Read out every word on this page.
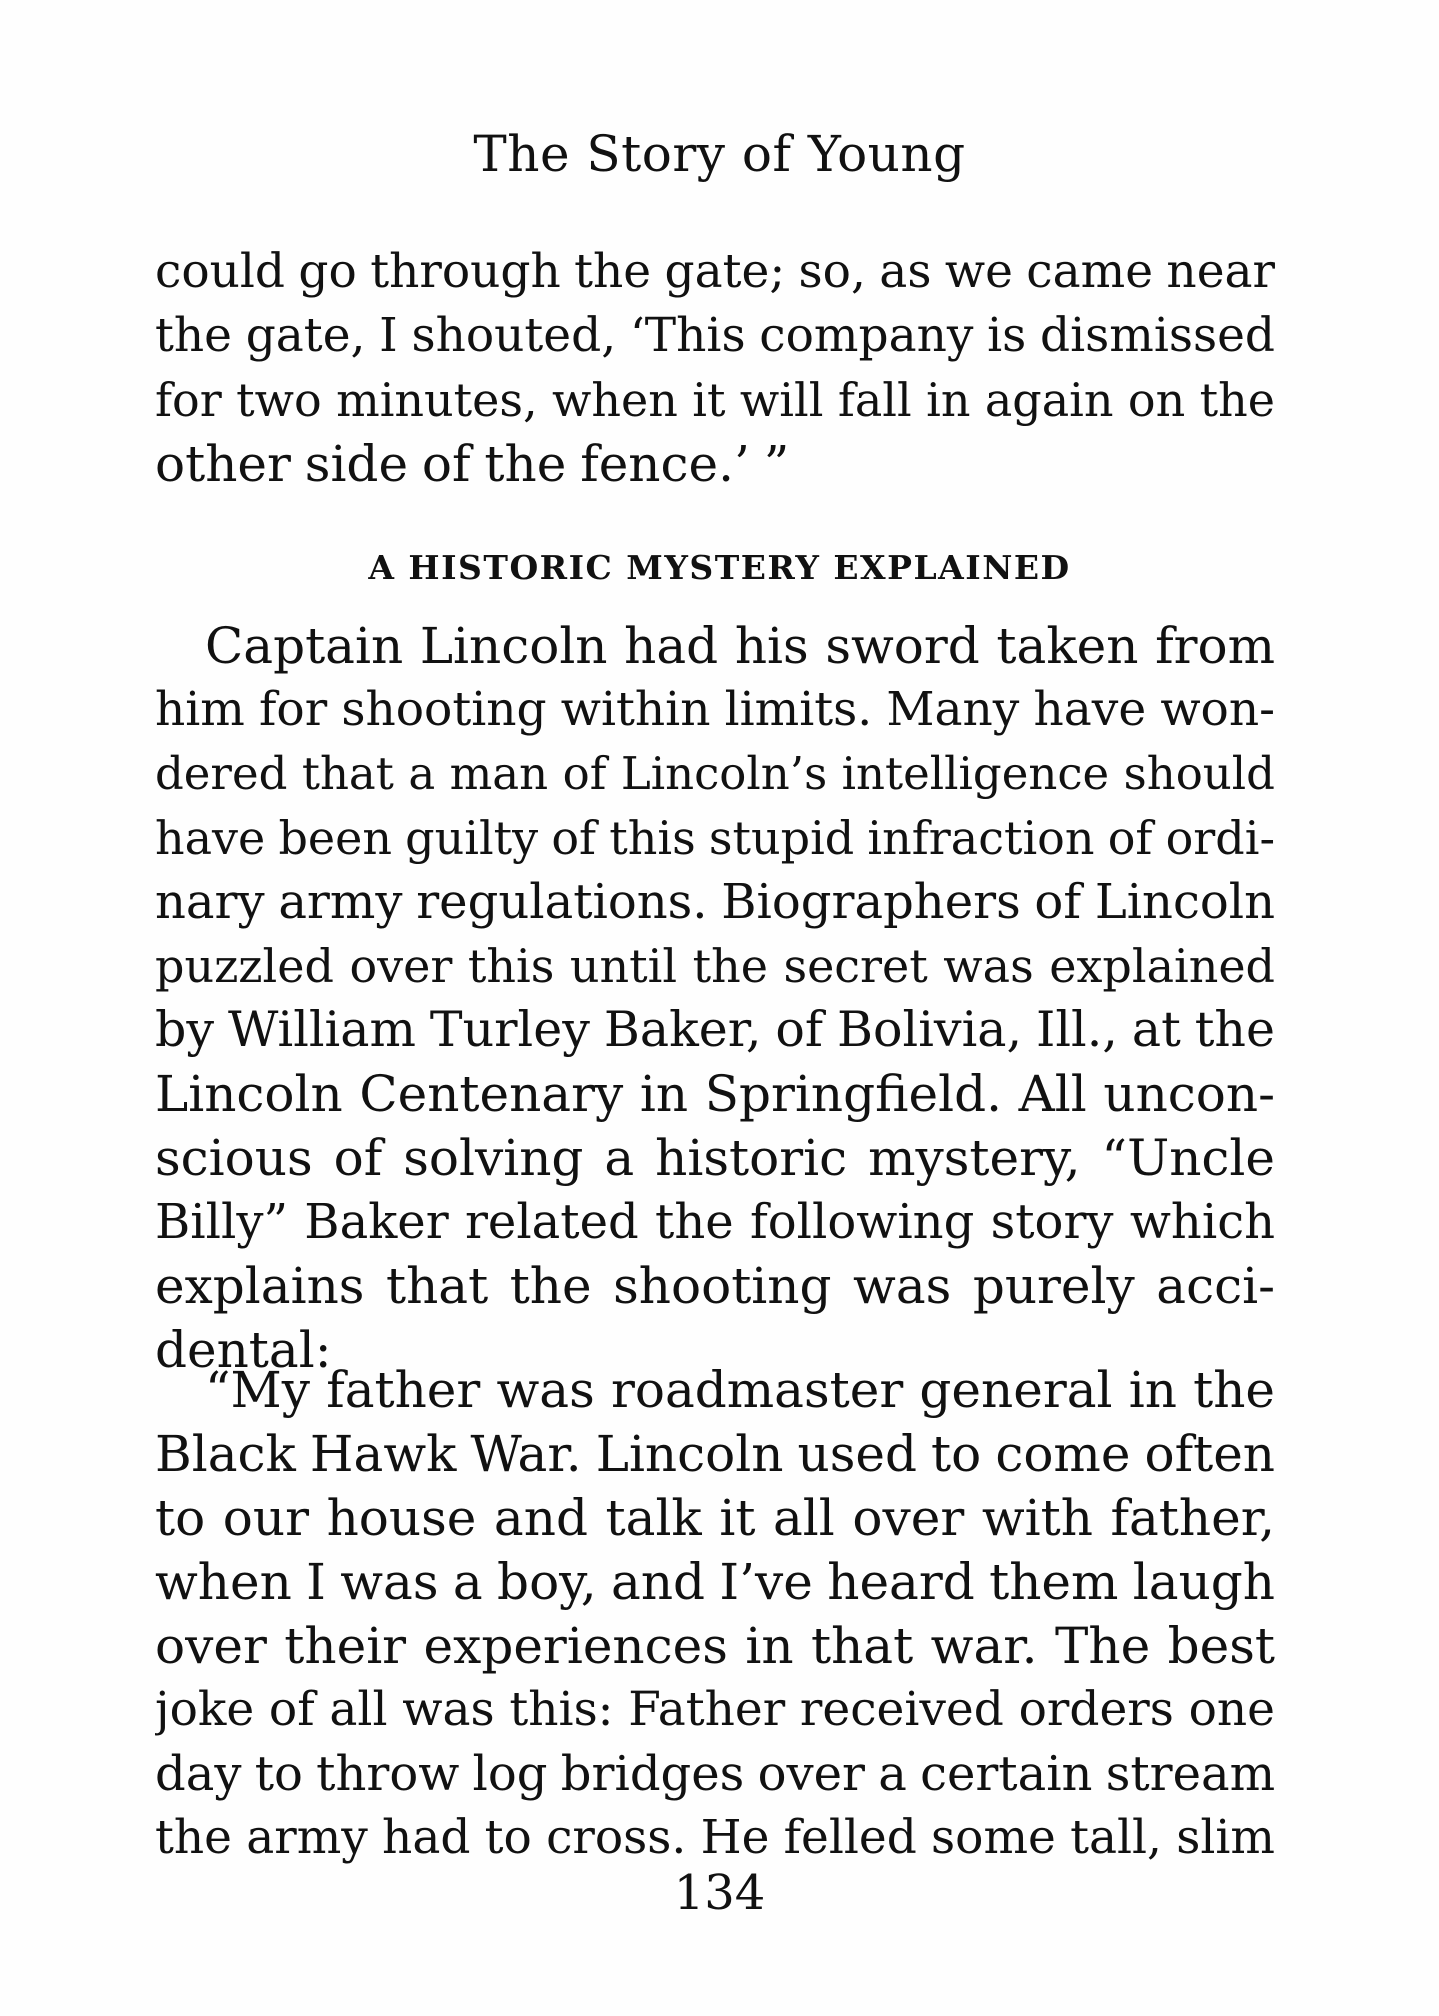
The Story of Young
could go through the gate; so, as we came near
the gate, I shouted, ‘This company is dismissed
for two minutes, when it will fall in again on the
other side of the fence.’ ”
A HISTORIC MYSTERY EXPLAINED
Captain Lincoln had his sword taken from
him for shooting within limits. Many have won-
dered that a man of Lincoln’s intelligence should
have been guilty of this stupid infraction of ordi-
nary army regulations. Biographers of Lincoln
puzzled over this until the secret was explained
by William Turley Baker, of Bolivia, Ill., at the
Lincoln Centenary in Springfield. All uncon-
scious of solving a historic mystery, “Uncle
Billy” Baker related the following story which
explains that the shooting was purely acci-
dental:
“My father was roadmaster general in the
Black Hawk War. Lincoln used to come often
to our house and talk it all over with father,
when I was a boy, and I’ve heard them laugh
over their experiences in that war. The best
joke of all was this: Father received orders one
day to throw log bridges over a certain stream
the army had to cross. He felled some tall, slim
134
